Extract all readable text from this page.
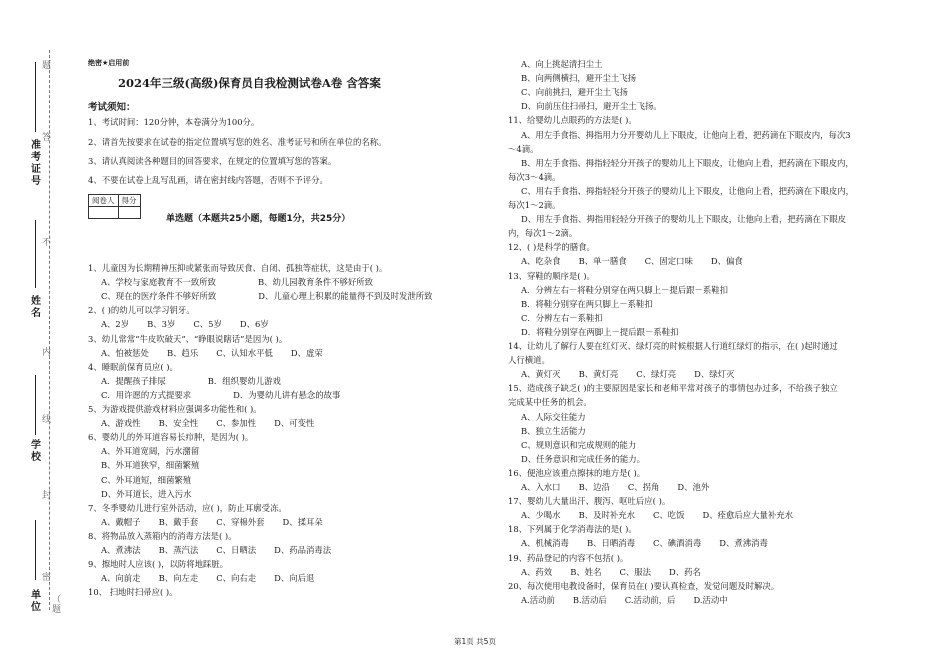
题
答
不
内
线
封
密
准
考
证
号
姓
名
学
校
单
位
（
题
绝密★启用前
2024年三级(高级)保育员自我检测试卷A卷 含答案
考试须知：
1、考试时间：120分钟，本卷满分为100分。
2、请首先按要求在试卷的指定位置填写您的姓名、准考证号和所在单位的名称。
3、请认真阅读各种题目的回答要求，在规定的位置填写您的答案。
4、不要在试卷上乱写乱画，请在密封线内答题，否则不予评分。
阅卷人	得分

单选题（本题共25小题，每题1分，共25分）
1、儿童因为长期精神压抑或紧张而导致厌食、自闭、孤独等症状，这是由于( )。
A、学校与家庭教育不一致所致	B、幼儿园教育条件不够好所致
C、现在的医疗条件不够好所致	D、儿童心理上积累的能量得不到及时发泄所致
2、( )的幼儿可以学习钥牙。
A、2岁 B、3岁 C、5岁 D、6岁
3、幼儿常常“牛皮吹破天”、“睁眼说瞎话”是因为( )。
A、怕被惩处 B、趋乐 C、认知水平低 D、虚荣
4、睡眠前保育员应( )。
A．提醒孩子排尿	B．组织婴幼儿游戏
C．用许愿的方式提要求	D．为婴幼儿讲有悬念的故事
5、为游戏提供游戏材料应强调多功能性和( )。
A、游戏性 B、安全性 C、参加性 D、可变性
6、婴幼儿的外耳道容易长疖肿，是因为( )。
A、外耳道宽阔，污水潴留
B、外耳道狭窄，细菌繁殖
C、外耳道短，细菌繁殖
D、外耳道长，进入污水
7、冬季婴幼儿进行室外活动，应( )，防止耳廓受冻。
A、戴帽子 B、戴手套 C、穿棉外套 D、揉耳朵
8、将物品放入蒸箱内的消毒方法是( )。
A、煮沸法 B、蒸汽法 C、日晒法 D、药品消毒法
9、擦地时人应该( )，以防将地踩脏。
A、向前走 B、向左走 C、向右走 D、向后退
10、 扫地时扫帚应( )。
A、向上挑起清扫尘土
B、向两侧横扫，避开尘土飞扬
C、向前挑扫，避开尘土飞扬
D、向前压住扫帚扫，避开尘土飞扬。
11、给婴幼儿点眼药的方法是( )。
A、用左手食指、拇指用力分开婴幼儿上下眼皮，让他向上看，把药滴在下眼皮内，每次3
～4滴。
B、用左手食指、拇指轻轻分开孩子的婴幼儿上下眼皮，让他向上看，把药滴在下眼皮内，
每次3～4滴。
C、用右手食指、拇指轻轻分开孩子的婴幼儿上下眼皮，让他向上看，把药滴在下眼皮内，
每次1～2滴。
D、用左手食指、拇指用轻轻分开孩子的婴幼儿上下眼皮，让他向上看，把药滴在下眼皮
内，每次1～2滴。
12、( )是科学的膳食。
A、吃杂食 B、单一膳食 C、固定口味 D、偏食
13、穿鞋的顺序是( )。
A．分辨左右－将鞋分别穿在两只脚上－提后跟－系鞋扣
B．将鞋分别穿在两只脚上－系鞋扣
C．分辨左右－系鞋扣
D．将鞋分别穿在两脚上－提后跟－系鞋扣
14、让幼儿了解行人要在红灯灭、绿灯亮的时候根据人行道红绿灯的指示，在( )起时通过
人行横道。
A、黄灯灭 B、黄灯亮 C、绿灯亮 D、绿灯灭
15、造成孩子缺乏( )的主要原因是家长和老师平常对孩子的事情包办过多，不给孩子独立
完成某中任务的机会。
A、人际交往能力
B、独立生活能力
C、规则意识和完成规则的能力
D、任务意识和完成任务的能力。
16、便池应该重点擦抹的地方是( )。
A、入水口 B、边沿 C、拐角 D、池外
17、婴幼儿大量出汗、腹泻、呕吐后应( )。
A、少喝水 B、及时补充水 C、吃饭 D、痊愈后应大量补充水
18、下列属于化学消毒法的是( )。
A、机械消毒 B、日晒消毒 C、碘酒消毒 D、煮沸消毒
19、药品登记的内容不包括( )。
A、药效 B、姓名 C、服法 D、药名
20、每次使用电教设备时，保育员在( )要认真检查，发觉问题及时解决。
A.活动前 B.活动后 C.活动前，后 D.活动中
第1页 共5页
